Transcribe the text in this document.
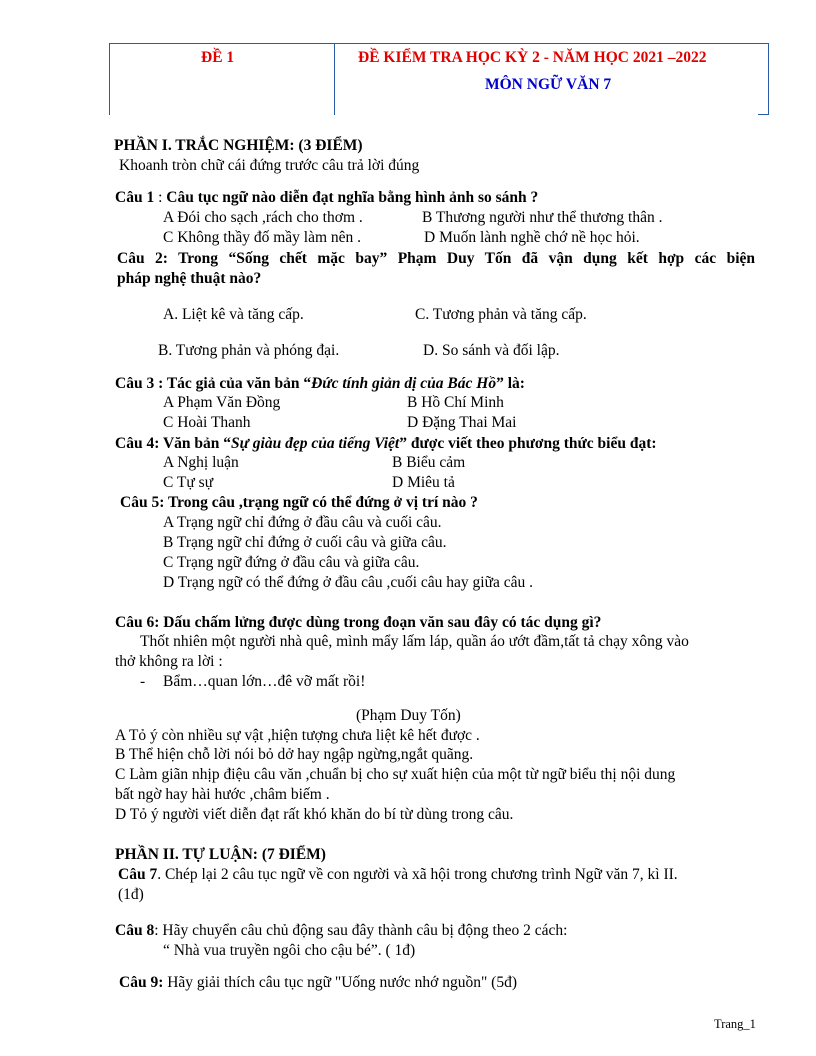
ĐỀ 1	ĐỀ KIỂM TRA HỌC KỲ 2 - NĂM HỌC 2021 –2022
MÔN NGỮ VĂN 7
PHẦN I. TRẮC NGHIỆM: (3 ĐIỂM)
Khoanh tròn chữ cái đứng trước câu trả lời đúng
Câu 1 : Câu tục ngữ nào diễn đạt nghĩa bằng hình ảnh so sánh ?
A Đói cho sạch ,rách cho thơm .	B Thương người như thể thương thân .
C Không thầy đố mầy làm nên .	D Muốn lành nghề chớ nề học hỏi.
Câu 2: Trong “Sống chết mặc bay” Phạm Duy Tốn đã vận dụng kết hợp các biện
pháp nghệ thuật nào?
A. Liệt kê và tăng cấp.	C. Tương phản và tăng cấp.
B. Tương phản và phóng đại.	D. So sánh và đối lập.
Câu 3 : Tác giả của văn bản “Đức tính giản dị của Bác Hồ” là:
A Phạm Văn Đồng	B Hồ Chí Minh
C Hoài Thanh	D Đặng Thai Mai
Câu 4: Văn bản “Sự giàu đẹp của tiếng Việt” được viết theo phương thức biểu đạt:
A Nghị luận	B Biểu cảm
C Tự sự	D Miêu tả
Câu 5: Trong câu ,trạng ngữ có thể đứng ở vị trí nào ?
A Trạng ngữ chỉ đứng ở đầu câu và cuối câu.
B Trạng ngữ chỉ đứng ở cuối câu và giữa câu.
C Trạng ngữ đứng ở đầu câu và giữa câu.
D Trạng ngữ có thể đứng ở đầu câu ,cuối câu hay giữa câu .
Câu 6: Dấu chấm lửng được dùng trong đoạn văn sau đây có tác dụng gì?
Thốt nhiên một người nhà quê, mình mẩy lấm láp, quần áo ướt đầm,tất tả chạy xông vào
thở không ra lời :
- Bẩm…quan lớn…đê vỡ mất rồi!
(Phạm Duy Tốn)
A Tỏ ý còn nhiều sự vật ,hiện tượng chưa liệt kê hết được .
B Thể hiện chỗ lời nói bỏ dở hay ngập ngừng,ngắt quãng.
C Làm giãn nhịp điệu câu văn ,chuẩn bị cho sự xuất hiện của một từ ngữ biểu thị nội dung
bất ngờ hay hài hước ,châm biếm .
D Tỏ ý người viết diễn đạt rất khó khăn do bí từ dùng trong câu.
PHẦN II. TỰ LUẬN: (7 ĐIỂM)
Câu 7. Chép lại 2 câu tục ngữ về con người và xã hội trong chương trình Ngữ văn 7, kì II.
(1đ)
Câu 8: Hãy chuyển câu chủ động sau đây thành câu bị động theo 2 cách:
“ Nhà vua truyền ngôi cho cậu bé”. ( 1đ)
Câu 9: Hãy giải thích câu tục ngữ "Uống nước nhớ nguồn" (5đ)
Trang_1
